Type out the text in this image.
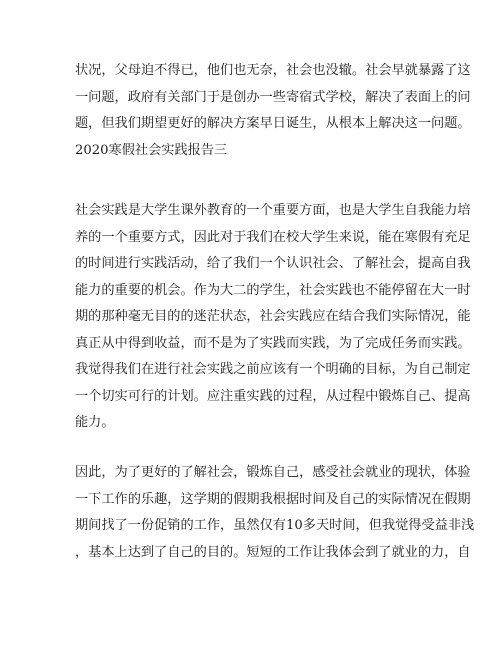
状况，父母迫不得已，他们也无奈，社会也没辙。社会早就暴露了这
一问题，政府有关部门于是创办一些寄宿式学校，解决了表面上的问
题，但我们期望更好的解决方案早日诞生，从根本上解决这一问题。
2020寒假社会实践报告三
社会实践是大学生课外教育的一个重要方面，也是大学生自我能力培
养的一个重要方式，因此对于我们在校大学生来说，能在寒假有充足
的时间进行实践活动，给了我们一个认识社会、了解社会，提高自我
能力的重要的机会。作为大二的学生，社会实践也不能停留在大一时
期的那种毫无目的的迷茫状态，社会实践应在结合我们实际情况，能
真正从中得到收益，而不是为了实践而实践，为了完成任务而实践。
我觉得我们在进行社会实践之前应该有一个明确的目标，为自己制定
一个切实可行的计划。应注重实践的过程，从过程中锻炼自己、提高
能力。
因此，为了更好的了解社会，锻炼自己，感受社会就业的现状，体验
一下工作的乐趣，这学期的假期我根据时间及自己的实际情况在假期
期间找了一份促销的工作，虽然仅有10多天时间，但我觉得受益非浅
，基本上达到了自己的目的。短短的工作让我体会到了就业的力，自
